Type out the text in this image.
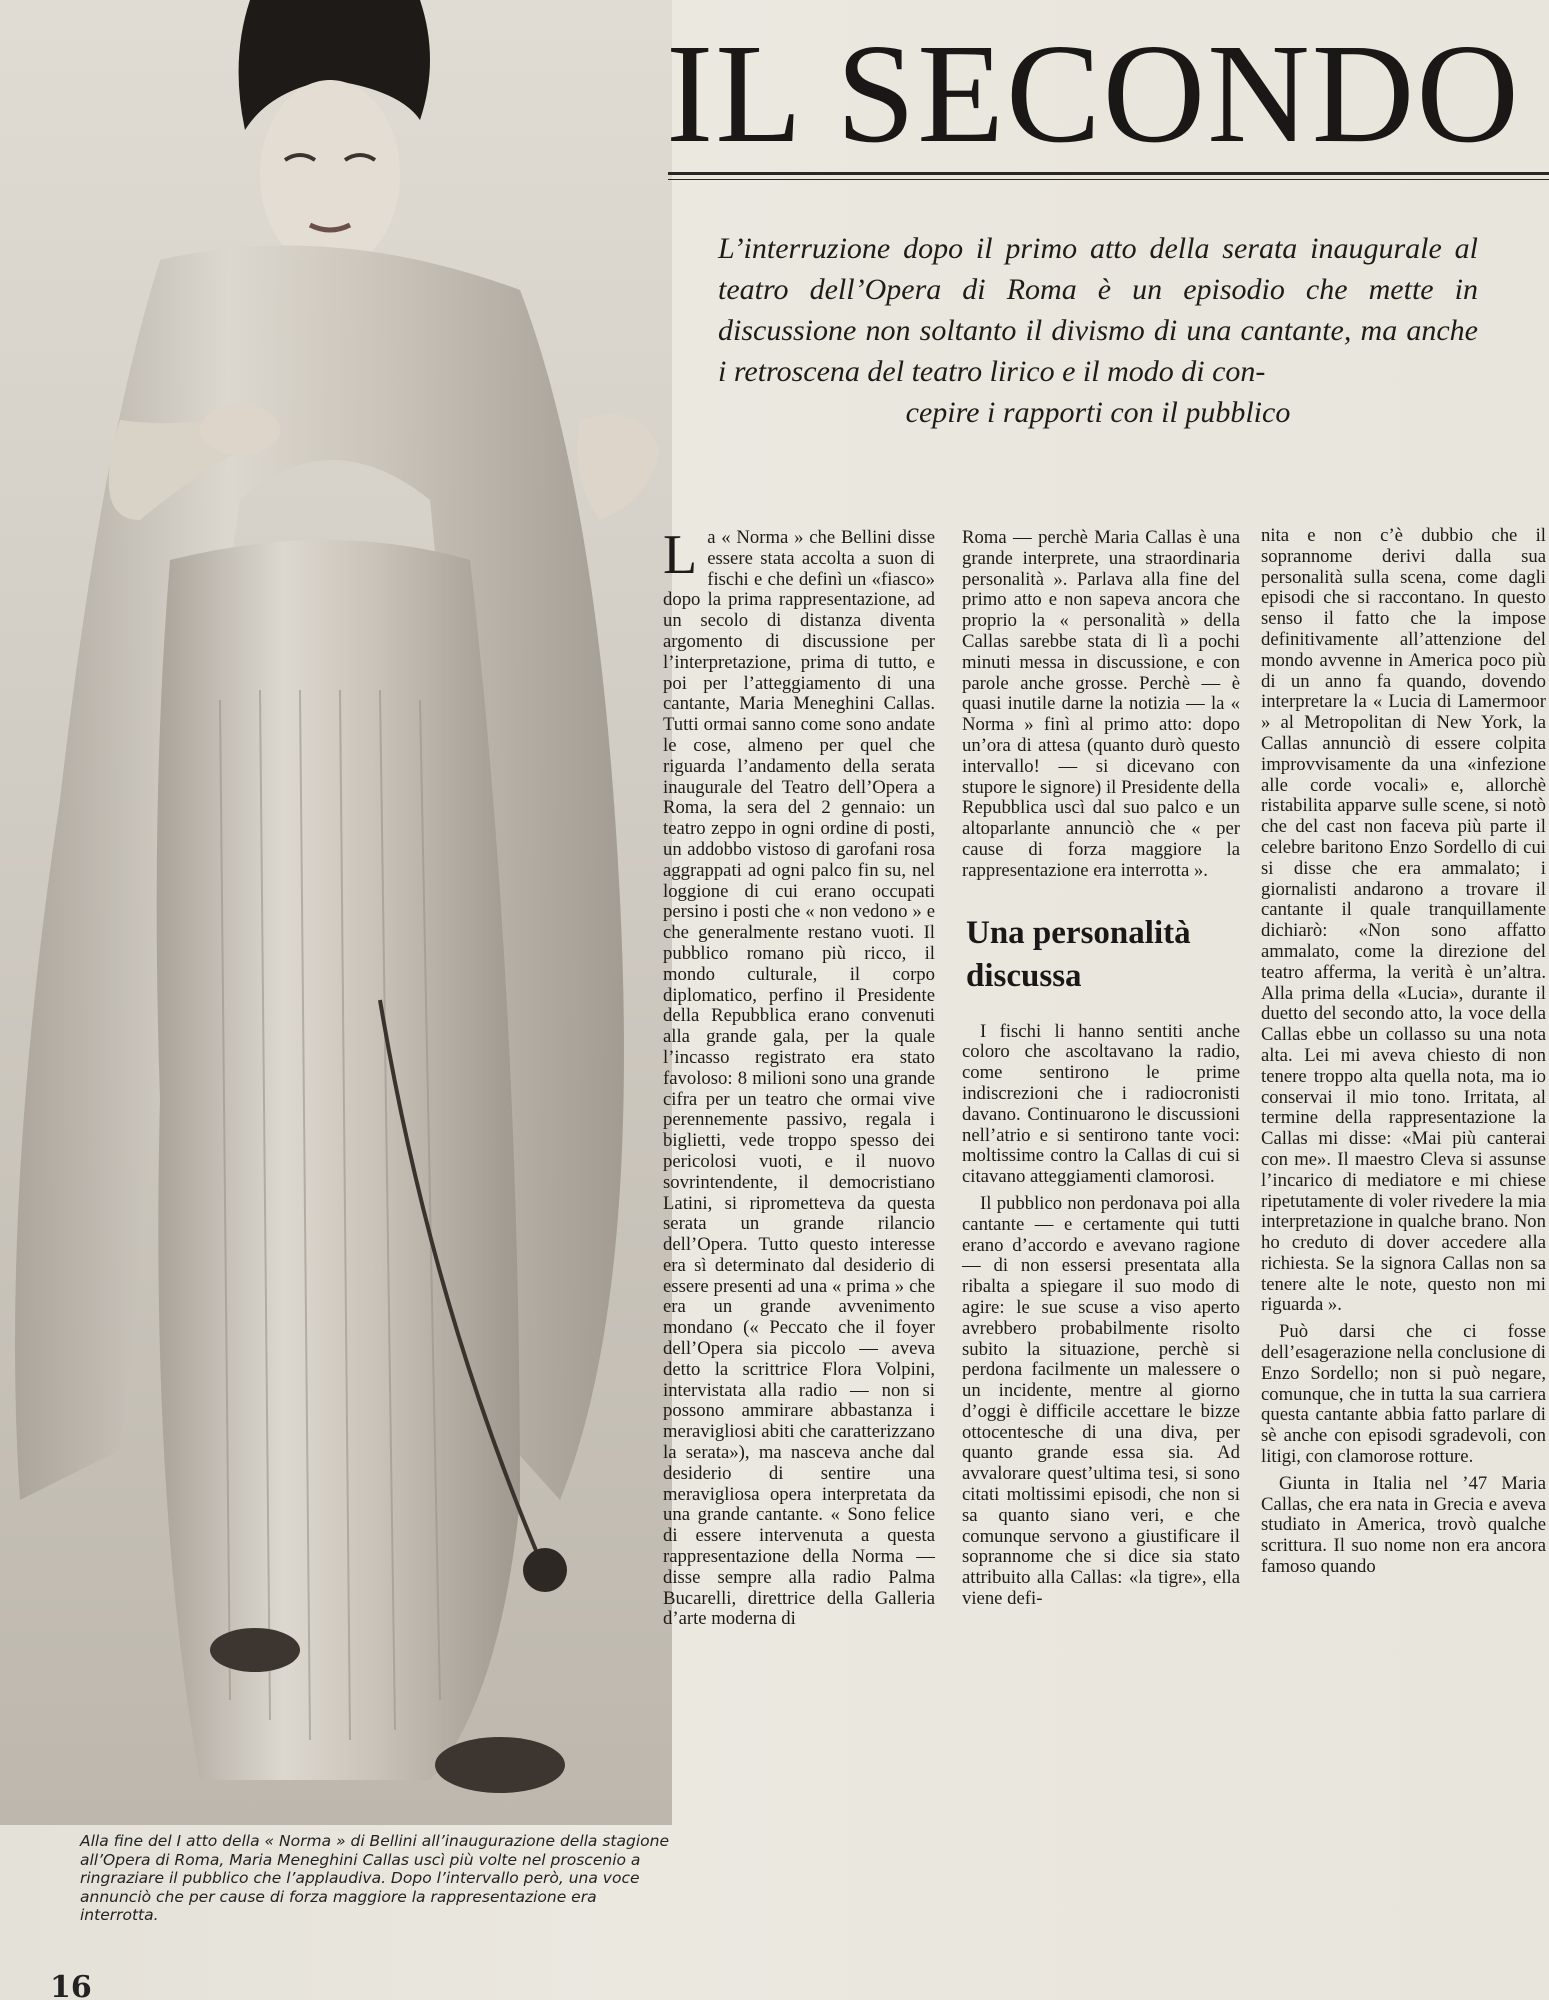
IL SECONDO
L’interruzione dopo il primo atto della serata inaugurale al teatro dell’Opera di Roma è un episodio che mette in discussione non soltanto il divismo di una cantante, ma anche i retroscena del teatro lirico e il modo di con-
cepire i rapporti con il pubblico

La « Norma » che Bellini disse essere stata accolta a suon di fischi e che definì un «fiasco» dopo la prima rappresentazione, ad un secolo di distanza diventa argomento di discussione per l’interpretazione, prima di tutto, e poi per l’atteggiamento di una cantante, Maria Meneghini Callas. Tutti ormai sanno come sono andate le cose, almeno per quel che riguarda l’andamento della serata inaugurale del Teatro dell’Opera a Roma, la sera del 2 gennaio: un teatro zeppo in ogni ordine di posti, un addobbo vistoso di garofani rosa aggrappati ad ogni palco fin su, nel loggione di cui erano occupati persino i posti che « non vedono » e che generalmente restano vuoti. Il pubblico romano più ricco, il mondo culturale, il corpo diplomatico, perfino il Presidente della Repubblica erano convenuti alla grande gala, per la quale l’incasso registrato era stato favoloso: 8 milioni sono una grande cifra per un teatro che ormai vive perennemente passivo, regala i biglietti, vede troppo spesso dei pericolosi vuoti, e il nuovo sovrintendente, il democristiano Latini, si riprometteva da questa serata un grande rilancio dell’Opera. Tutto questo interesse era sì determinato dal desiderio di essere presenti ad una « prima » che era un grande avvenimento mondano (« Peccato che il foyer dell’Opera sia piccolo — aveva detto la scrittrice Flora Volpini, intervistata alla radio — non si possono ammirare abbastanza i meravigliosi abiti che caratterizzano la serata»), ma nasceva anche dal desiderio di sentire una meravigliosa opera interpretata da una grande cantante. « Sono felice di essere intervenuta a questa rappresentazione della Norma — disse sempre alla radio Palma Bucarelli, direttrice della Galleria d’arte moderna di

Roma — perchè Maria Callas è una grande interprete, una straordinaria personalità ». Parlava alla fine del primo atto e non sapeva ancora che proprio la « personalità » della Callas sarebbe stata di lì a pochi minuti messa in discussione, e con parole anche grosse. Perchè — è quasi inutile darne la notizia — la « Norma » finì al primo atto: dopo un’ora di attesa (quanto durò questo intervallo! — si dicevano con stupore le signore) il Presidente della Repubblica uscì dal suo palco e un altoparlante annunciò che « per cause di forza maggiore la rappresentazione era interrotta ».

Una personalità discussa

I fischi li hanno sentiti anche coloro che ascoltavano la radio, come sentirono le prime indiscrezioni che i radiocronisti davano. Continuarono le discussioni nell’atrio e si sentirono tante voci: moltissime contro la Callas di cui si citavano atteggiamenti clamorosi.

Il pubblico non perdonava poi alla cantante — e certamente qui tutti erano d’accordo e avevano ragione — di non essersi presentata alla ribalta a spiegare il suo modo di agire: le sue scuse a viso aperto avrebbero probabilmente risolto subito la situazione, perchè si perdona facilmente un malessere o un incidente, mentre al giorno d’oggi è difficile accettare le bizze ottocentesche di una diva, per quanto grande essa sia. Ad avvalorare quest’ultima tesi, si sono citati moltissimi episodi, che non si sa quanto siano veri, e che comunque servono a giustificare il soprannome che si dice sia stato attribuito alla Callas: «la tigre», ella viene defi-

nita e non c’è dubbio che il soprannome derivi dalla sua personalità sulla scena, come dagli episodi che si raccontano. In questo senso il fatto che la impose definitivamente all’attenzione del mondo avvenne in America poco più di un anno fa quando, dovendo interpretare la « Lucia di Lamermoor » al Metropolitan di New York, la Callas annunciò di essere colpita improvvisamente da una «infezione alle corde vocali» e, allorchè ristabilita apparve sulle scene, si notò che del cast non faceva più parte il celebre baritono Enzo Sordello di cui si disse che era ammalato; i giornalisti andarono a trovare il cantante il quale tranquillamente dichiarò: «Non sono affatto ammalato, come la direzione del teatro afferma, la verità è un’altra. Alla prima della «Lucia», durante il duetto del secondo atto, la voce della Callas ebbe un collasso su una nota alta. Lei mi aveva chiesto di non tenere troppo alta quella nota, ma io conservai il mio tono. Irritata, al termine della rappresentazione la Callas mi disse: «Mai più canterai con me». Il maestro Cleva si assunse l’incarico di mediatore e mi chiese ripetutamente di voler rivedere la mia interpretazione in qualche brano. Non ho creduto di dover accedere alla richiesta. Se la signora Callas non sa tenere alte le note, questo non mi riguarda ».

Può darsi che ci fosse dell’esagerazione nella conclusione di Enzo Sordello; non si può negare, comunque, che in tutta la sua carriera questa cantante abbia fatto parlare di sè anche con episodi sgradevoli, con litigi, con clamorose rotture.

Giunta in Italia nel ’47 Maria Callas, che era nata in Grecia e aveva studiato in America, trovò qualche scrittura. Il suo nome non era ancora famoso quando

Alla fine del I atto della « Norma » di Bellini all’inaugurazione della stagione all’Opera di Roma, Maria Meneghini Callas uscì più volte nel proscenio a ringraziare il pubblico che l’applaudiva. Dopo l’intervallo però, una voce annunciò che per cause di forza maggiore la rappresentazione era interrotta.
16
